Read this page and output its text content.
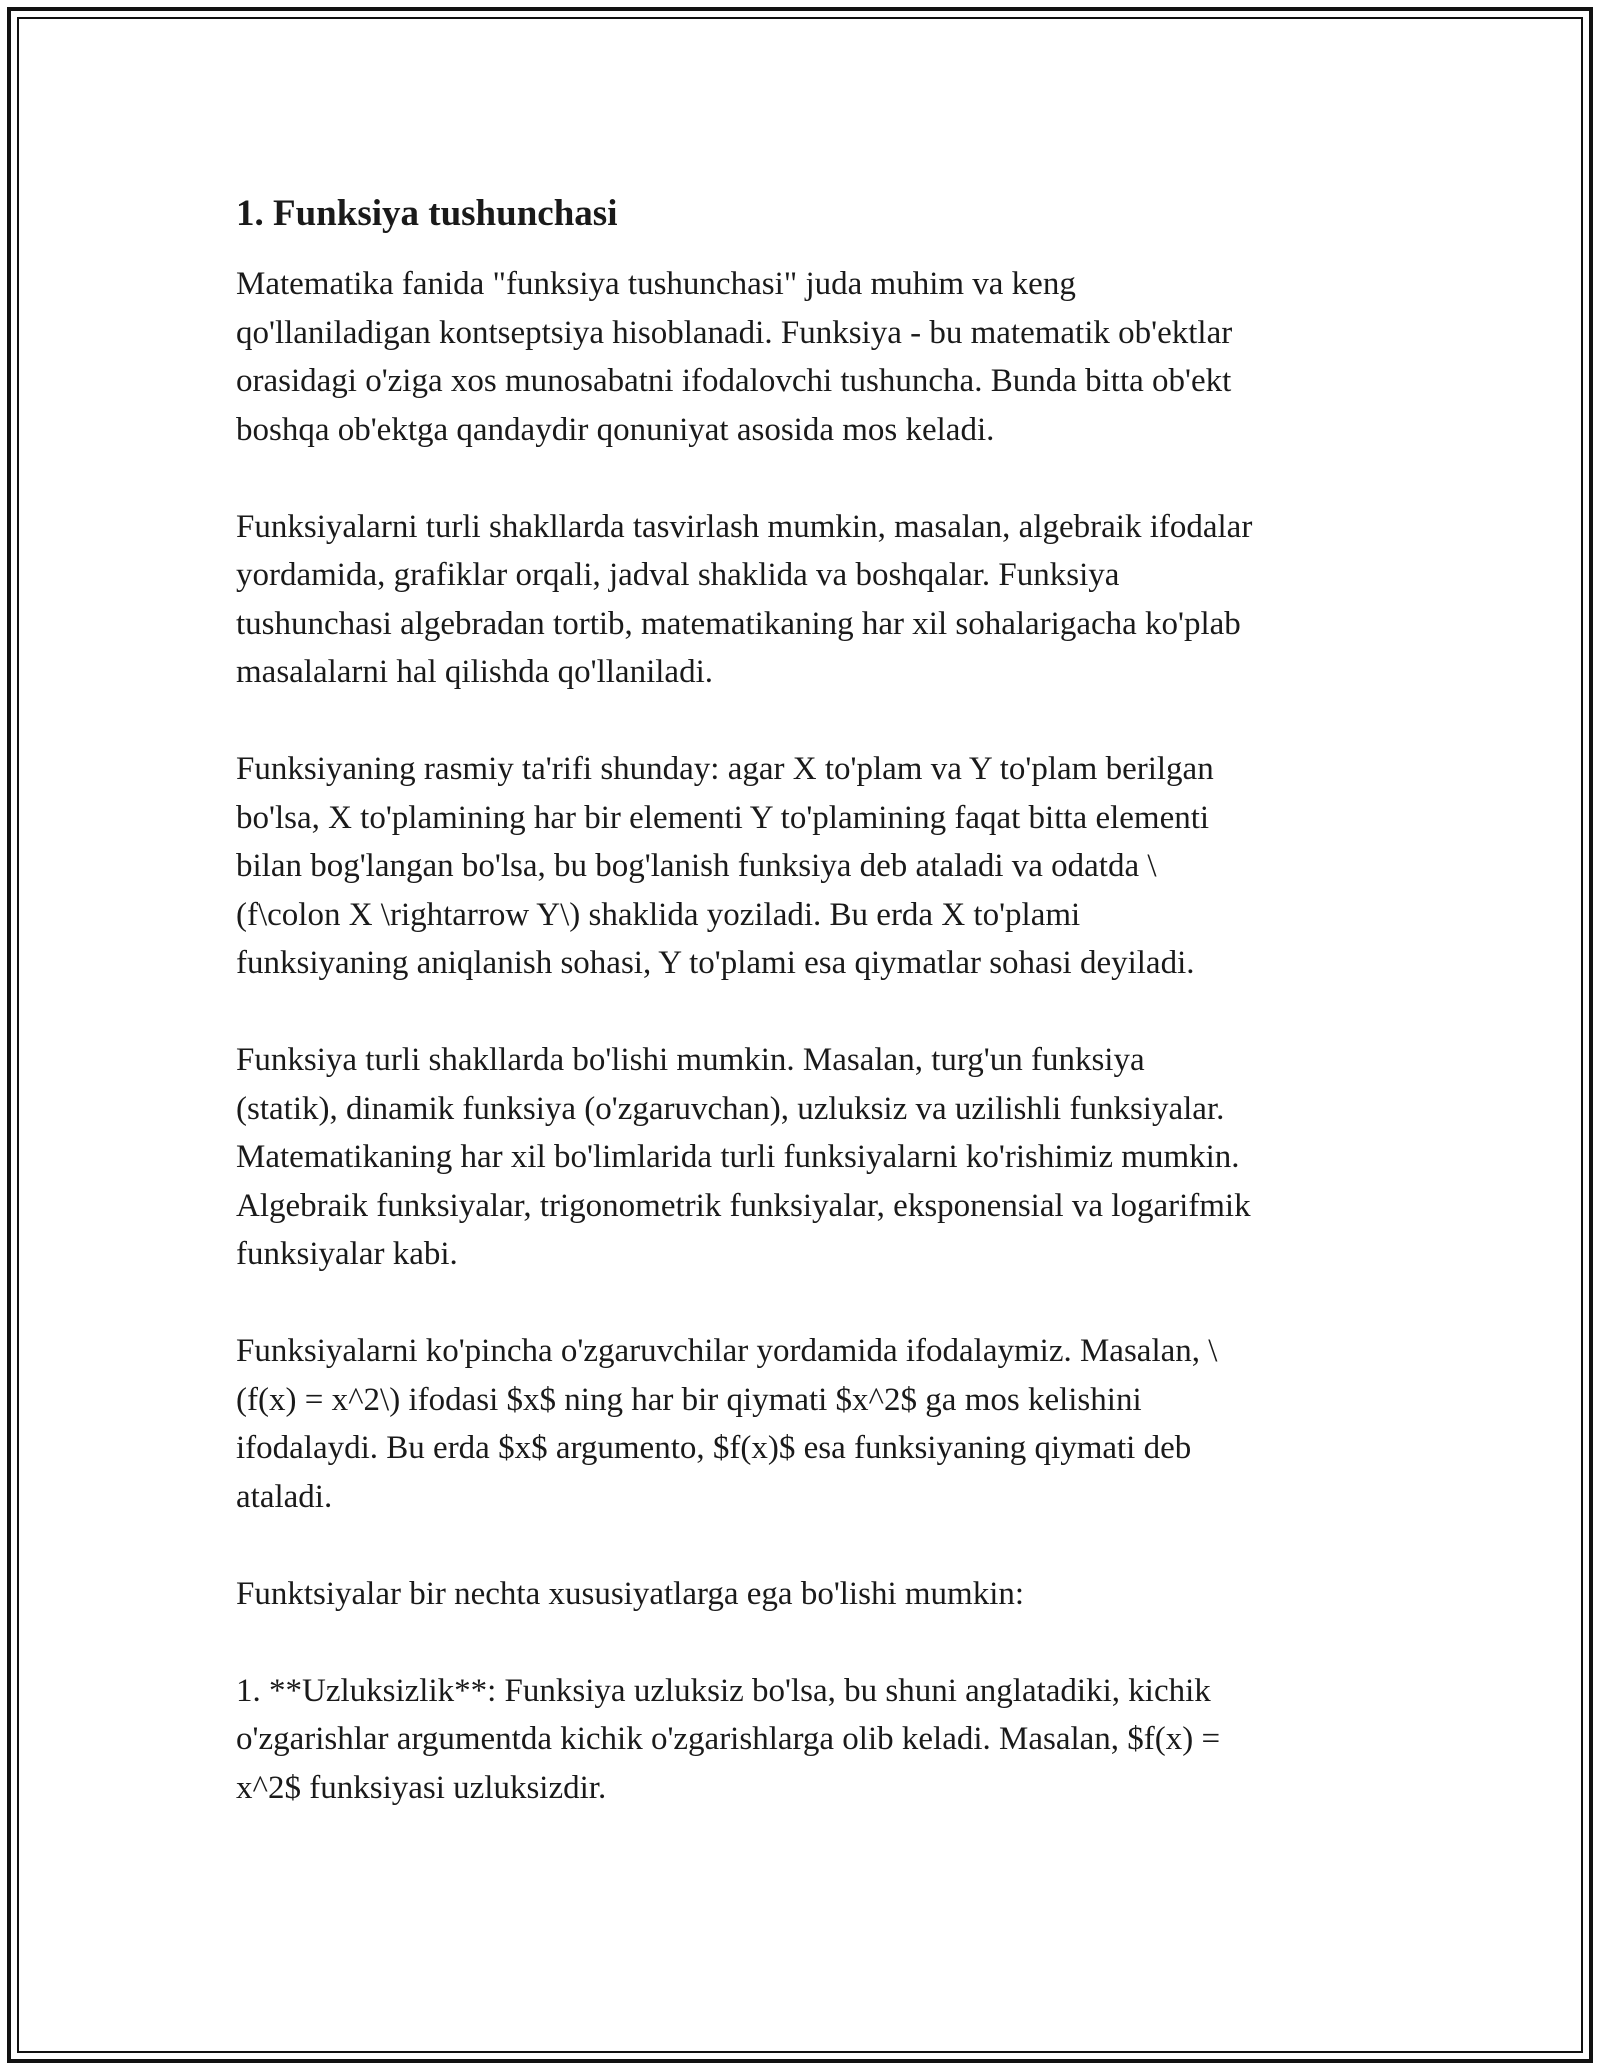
1. Funksiya tushunchasi
Matematika fanida "funksiya tushunchasi" juda muhim va keng
qo'llaniladigan kontseptsiya hisoblanadi. Funksiya - bu matematik ob'ektlar
orasidagi o'ziga xos munosabatni ifodalovchi tushuncha. Bunda bitta ob'ekt
boshqa ob'ektga qandaydir qonuniyat asosida mos keladi.
Funksiyalarni turli shakllarda tasvirlash mumkin, masalan, algebraik ifodalar
yordamida, grafiklar orqali, jadval shaklida va boshqalar. Funksiya
tushunchasi algebradan tortib, matematikaning har xil sohalarigacha ko'plab
masalalarni hal qilishda qo'llaniladi.
Funksiyaning rasmiy ta'rifi shunday: agar X to'plam va Y to'plam berilgan
bo'lsa, X to'plamining har bir elementi Y to'plamining faqat bitta elementi
bilan bog'langan bo'lsa, bu bog'lanish funksiya deb ataladi va odatda \
(f\colon X \rightarrow Y\) shaklida yoziladi. Bu erda X to'plami
funksiyaning aniqlanish sohasi, Y to'plami esa qiymatlar sohasi deyiladi.
Funksiya turli shakllarda bo'lishi mumkin. Masalan, turg'un funksiya
(statik), dinamik funksiya (o'zgaruvchan), uzluksiz va uzilishli funksiyalar.
Matematikaning har xil bo'limlarida turli funksiyalarni ko'rishimiz mumkin.
Algebraik funksiyalar, trigonometrik funksiyalar, eksponensial va logarifmik
funksiyalar kabi.
Funksiyalarni ko'pincha o'zgaruvchilar yordamida ifodalaymiz. Masalan, \
(f(x) = x^2\) ifodasi $x$ ning har bir qiymati $x^2$ ga mos kelishini
ifodalaydi. Bu erda $x$ argumento, $f(x)$ esa funksiyaning qiymati deb
ataladi.
Funktsiyalar bir nechta xususiyatlarga ega bo'lishi mumkin:
1. **Uzluksizlik**: Funksiya uzluksiz bo'lsa, bu shuni anglatadiki, kichik
o'zgarishlar argumentda kichik o'zgarishlarga olib keladi. Masalan, $f(x) =
x^2$ funksiyasi uzluksizdir.
